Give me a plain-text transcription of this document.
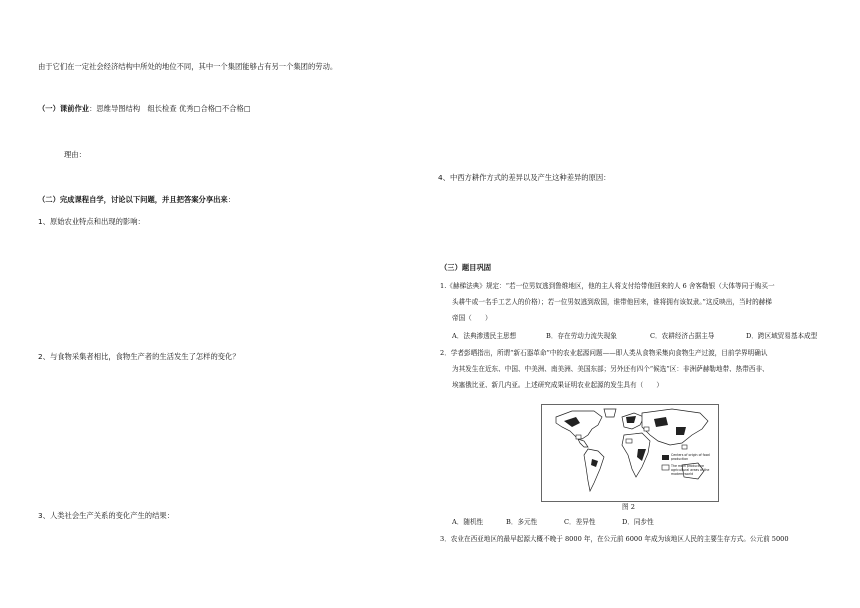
由于它们在一定社会经济结构中所处的地位不同，其中一个集团能够占有另一个集团的劳动。
（一）课前作业：思维导图结构　组长检查 优秀□合格□不合格□
理由：
（二）完成课程自学，讨论以下问题，并且把答案分享出来：
1、原始农业特点和出现的影响：
2、与食物采集者相比，食物生产者的生活发生了怎样的变化？
3、人类社会生产关系的变化产生的结果：
4、中西方耕作方式的差异以及产生这种差异的原因：
（三）题目巩固
1.《赫梯法典》规定：“若一位男奴逃到鲁维地区，他的主人将支付给带他回来的人 6 舍客勒银（大体等同于购买一
头耕牛或一名手工艺人的价格）；若一位男奴逃到敌国，谁带他回来，谁将拥有该奴隶。”这反映出，当时的赫梯
帝国（　　）
A．法典渗透民主思想	B．存在劳动力流失现象	C．农耕经济占据主导	D．跨区域贸易基本成型
2．学者彭晒指出，所谓“新石器革命”中的农业起源问题——即人类从食物采集向食物生产过渡，目前学界明确认
为其发生在近东、中国、中美洲、南美洲、美国东部；另外还有四个“候选”区：非洲萨赫勒地带、热带西非、
埃塞俄比亚、新几内亚。上述研究成果证明农业起源的发生具有（　　）
Centers of origin of food production
The main productive agricultural areas of the modern world
图 2
A．随机性	B．多元性	C．差异性	D．同步性
3．农业在西亚地区的最早起源大概不晚于 8000 年，在公元前 6000 年成为该地区人民的主要生存方式。公元前 5000
